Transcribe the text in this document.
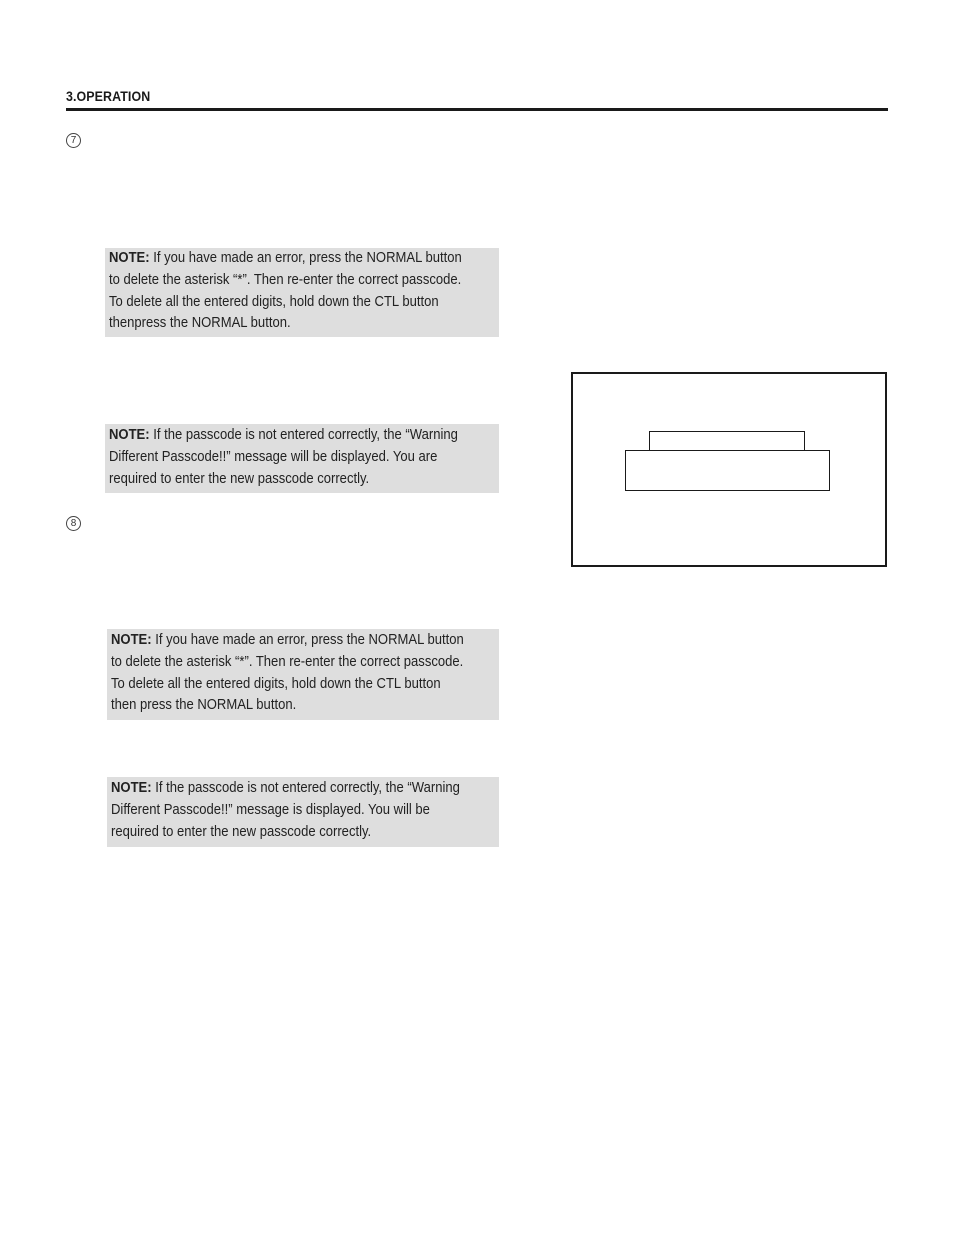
3.OPERATION
7
8
NOTE: If you have made an error, press the NORMAL button
to delete the asterisk “*”. Then re-enter the correct passcode.
To delete all the entered digits, hold down the CTL button
thenpress the NORMAL button.
NOTE: If the passcode is not entered correctly, the “Warning
Different Passcode!!” message will be displayed. You are
required to enter the new passcode correctly.
NOTE: If you have made an error, press the NORMAL button
to delete the asterisk “*”. Then re-enter the correct passcode.
To delete all the entered digits, hold down the CTL button
then press the NORMAL button.
NOTE: If the passcode is not entered correctly, the “Warning
Different Passcode!!” message is displayed. You will be
required to enter the new passcode correctly.
